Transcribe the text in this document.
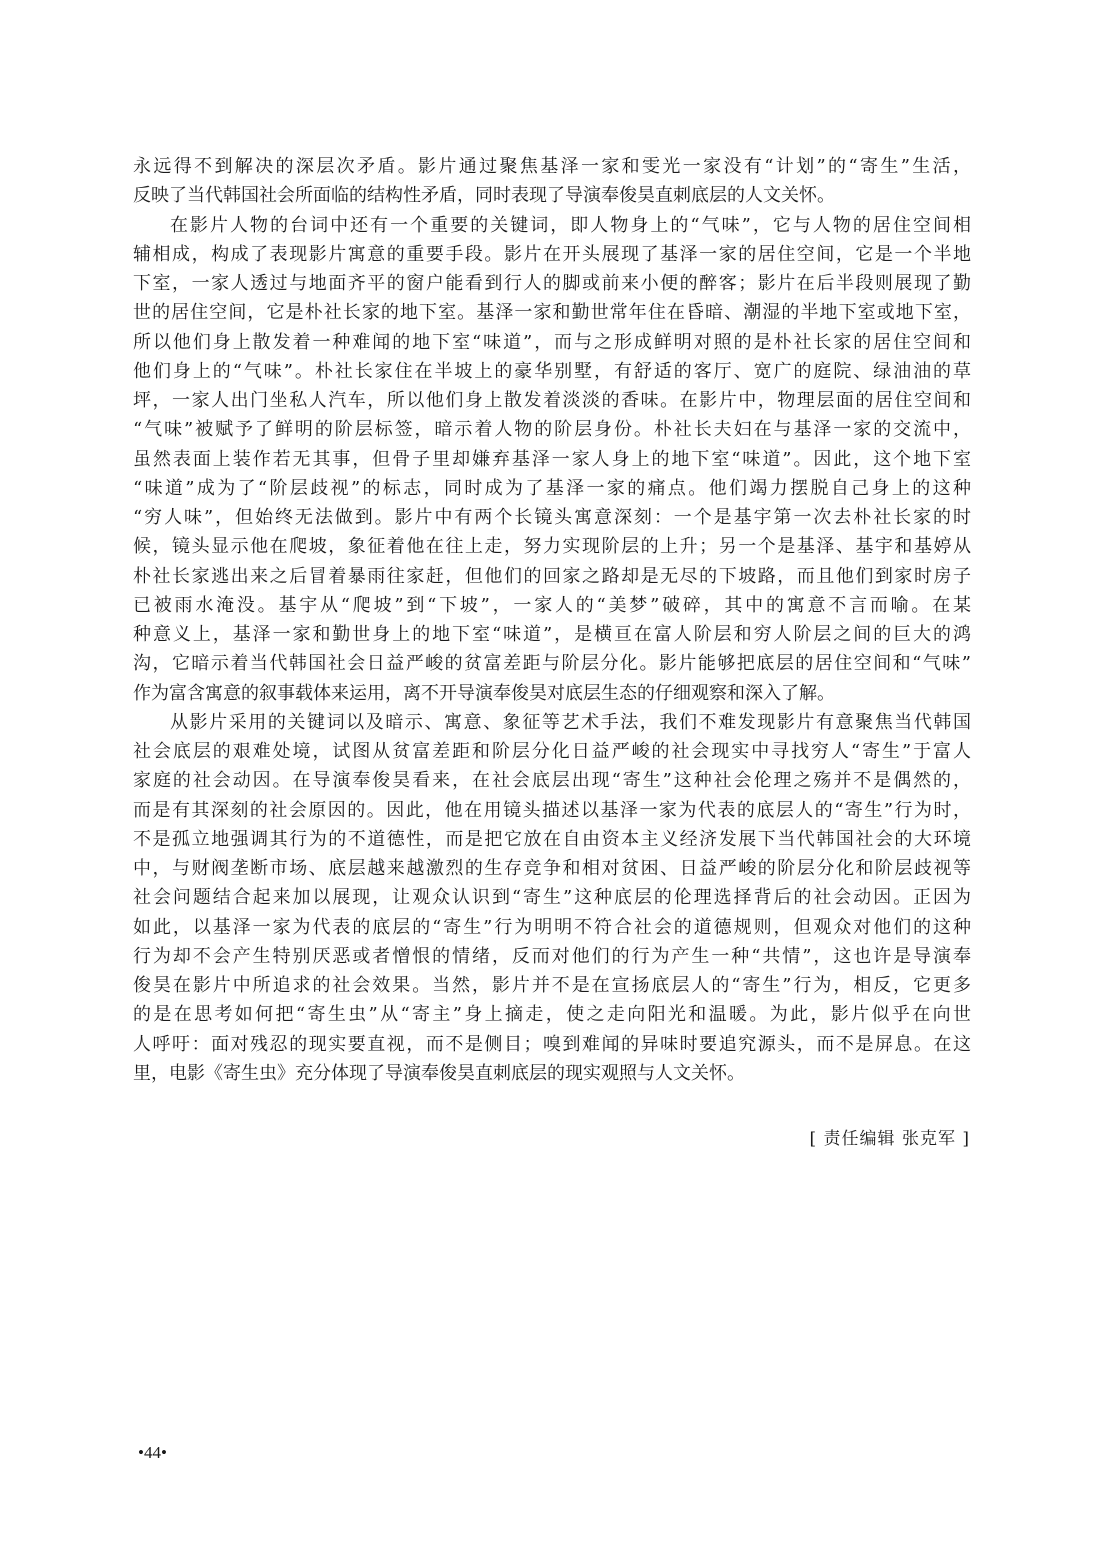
永远得不到解决的深层次矛盾。影片通过聚焦基泽一家和雯光一家没有“计划”的“寄生”生活，
反映了当代韩国社会所面临的结构性矛盾，同时表现了导演奉俊昊直刺底层的人文关怀。
在影片人物的台词中还有一个重要的关键词，即人物身上的“气味”，它与人物的居住空间相
辅相成，构成了表现影片寓意的重要手段。影片在开头展现了基泽一家的居住空间，它是一个半地
下室，一家人透过与地面齐平的窗户能看到行人的脚或前来小便的醉客；影片在后半段则展现了勤
世的居住空间，它是朴社长家的地下室。基泽一家和勤世常年住在昏暗、潮湿的半地下室或地下室，
所以他们身上散发着一种难闻的地下室“味道”，而与之形成鲜明对照的是朴社长家的居住空间和
他们身上的“气味”。朴社长家住在半坡上的豪华别墅，有舒适的客厅、宽广的庭院、绿油油的草
坪，一家人出门坐私人汽车，所以他们身上散发着淡淡的香味。在影片中，物理层面的居住空间和
“气味”被赋予了鲜明的阶层标签，暗示着人物的阶层身份。朴社长夫妇在与基泽一家的交流中，
虽然表面上装作若无其事，但骨子里却嫌弃基泽一家人身上的地下室“味道”。因此，这个地下室
“味道”成为了“阶层歧视”的标志，同时成为了基泽一家的痛点。他们竭力摆脱自己身上的这种
“穷人味”，但始终无法做到。影片中有两个长镜头寓意深刻：一个是基宇第一次去朴社长家的时
候，镜头显示他在爬坡，象征着他在往上走，努力实现阶层的上升；另一个是基泽、基宇和基婷从
朴社长家逃出来之后冒着暴雨往家赶，但他们的回家之路却是无尽的下坡路，而且他们到家时房子
已被雨水淹没。基宇从“爬坡”到“下坡”，一家人的“美梦”破碎，其中的寓意不言而喻。在某
种意义上，基泽一家和勤世身上的地下室“味道”，是横亘在富人阶层和穷人阶层之间的巨大的鸿
沟，它暗示着当代韩国社会日益严峻的贫富差距与阶层分化。影片能够把底层的居住空间和“气味”
作为富含寓意的叙事载体来运用，离不开导演奉俊昊对底层生态的仔细观察和深入了解。
从影片采用的关键词以及暗示、寓意、象征等艺术手法，我们不难发现影片有意聚焦当代韩国
社会底层的艰难处境，试图从贫富差距和阶层分化日益严峻的社会现实中寻找穷人“寄生”于富人
家庭的社会动因。在导演奉俊昊看来，在社会底层出现“寄生”这种社会伦理之殇并不是偶然的，
而是有其深刻的社会原因的。因此，他在用镜头描述以基泽一家为代表的底层人的“寄生”行为时，
不是孤立地强调其行为的不道德性，而是把它放在自由资本主义经济发展下当代韩国社会的大环境
中，与财阀垄断市场、底层越来越激烈的生存竞争和相对贫困、日益严峻的阶层分化和阶层歧视等
社会问题结合起来加以展现，让观众认识到“寄生”这种底层的伦理选择背后的社会动因。正因为
如此，以基泽一家为代表的底层的“寄生”行为明明不符合社会的道德规则，但观众对他们的这种
行为却不会产生特别厌恶或者憎恨的情绪，反而对他们的行为产生一种“共情”，这也许是导演奉
俊昊在影片中所追求的社会效果。当然，影片并不是在宣扬底层人的“寄生”行为，相反，它更多
的是在思考如何把“寄生虫”从“寄主”身上摘走，使之走向阳光和温暖。为此，影片似乎在向世
人呼吁：面对残忍的现实要直视，而不是侧目；嗅到难闻的异味时要追究源头，而不是屏息。在这
里，电影《寄生虫》充分体现了导演奉俊昊直刺底层的现实观照与人文关怀。
[ 责任编辑 张克军 ]
•44•
